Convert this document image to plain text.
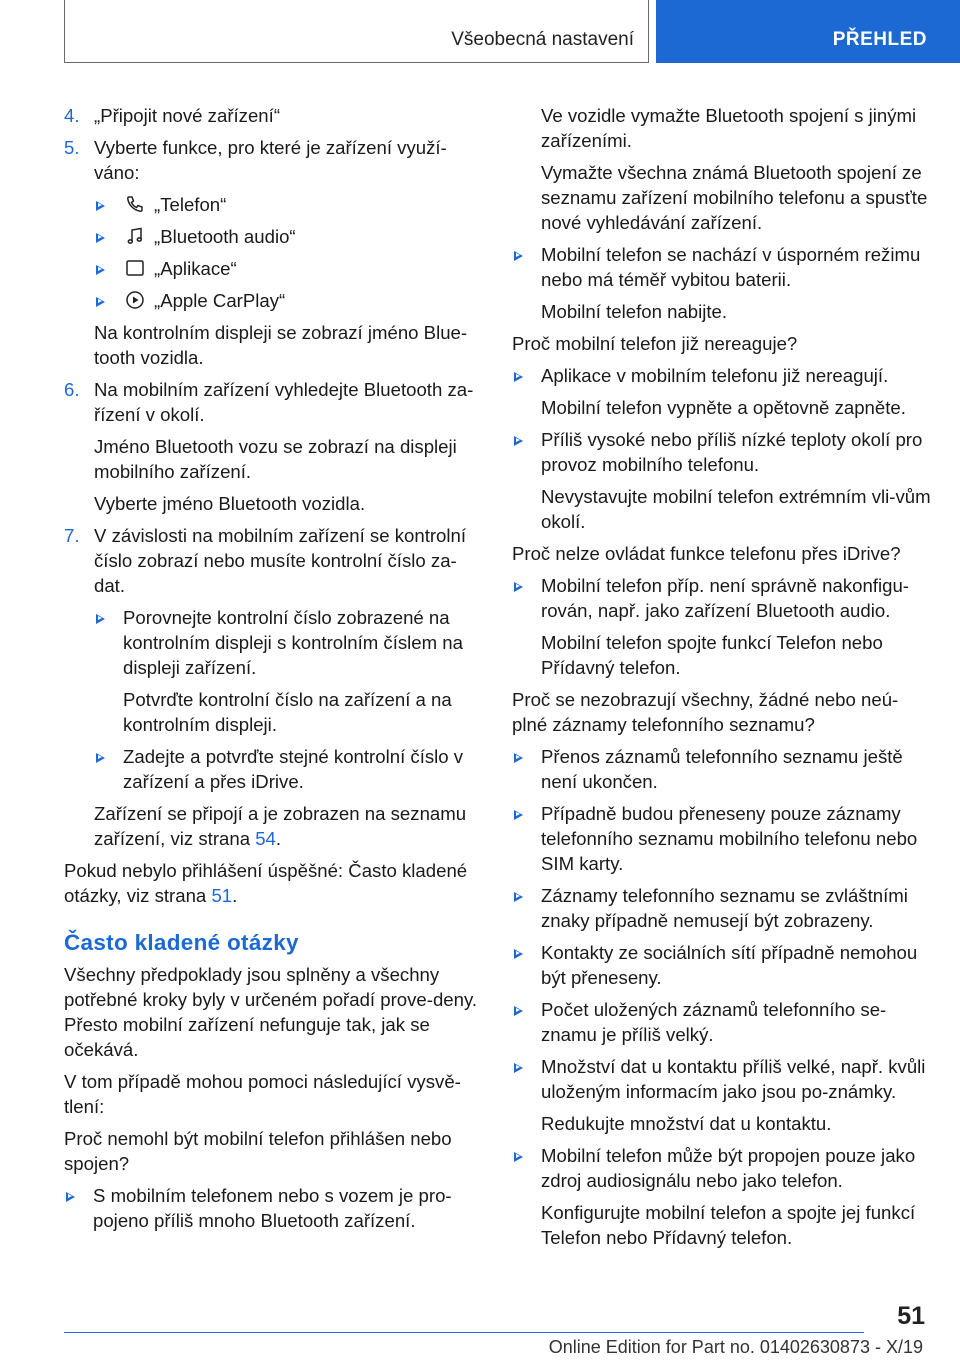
Všeobecná nastavení	PŘEHLED
4. „Připojit nové zařízení“
5. Vyberte funkce, pro které je zařízení využí-váno:
„Telefon“
„Bluetooth audio“
„Aplikace“
„Apple CarPlay“
Na kontrolním displeji se zobrazí jméno Blue-tooth vozidla.
6. Na mobilním zařízení vyhledejte Bluetooth za-řízení v okolí.
Jméno Bluetooth vozu se zobrazí na displeji mobilního zařízení.
Vyberte jméno Bluetooth vozidla.
7. V závislosti na mobilním zařízení se kontrolní číslo zobrazí nebo musíte kontrolní číslo za-dat.
Porovnejte kontrolní číslo zobrazené na kontrolním displeji s kontrolním číslem na displeji zařízení.
Potvrďte kontrolní číslo na zařízení a na kontrolním displeji.
Zadejte a potvrďte stejné kontrolní číslo v zařízení a přes iDrive.
Zařízení se připojí a je zobrazen na seznamu zařízení, viz strana 54.
Pokud nebylo přihlášení úspěšné: Často kladené otázky, viz strana 51.
Často kladené otázky
Všechny předpoklady jsou splněny a všechny potřebné kroky byly v určeném pořadí prove-deny. Přesto mobilní zařízení nefunguje tak, jak se očekává.
V tom případě mohou pomoci následující vysvě-tlení:
Proč nemohl být mobilní telefon přihlášen nebo spojen?
S mobilním telefonem nebo s vozem je pro-pojeno příliš mnoho Bluetooth zařízení.
Ve vozidle vymažte Bluetooth spojení s jinými zařízeními.
Vymažte všechna známá Bluetooth spojení ze seznamu zařízení mobilního telefonu a spusťte nové vyhledávání zařízení.
Mobilní telefon se nachází v úsporném režimu nebo má téměř vybitou baterii.
Mobilní telefon nabijte.
Proč mobilní telefon již nereaguje?
Aplikace v mobilním telefonu již nereagují.
Mobilní telefon vypněte a opětovně zapněte.
Příliš vysoké nebo příliš nízké teploty okolí pro provoz mobilního telefonu.
Nevystavujte mobilní telefon extrémním vli-vům okolí.
Proč nelze ovládat funkce telefonu přes iDrive?
Mobilní telefon příp. není správně nakonfigu-rován, např. jako zařízení Bluetooth audio.
Mobilní telefon spojte funkcí Telefon nebo Přídavný telefon.
Proč se nezobrazují všechny, žádné nebo neú-plné záznamy telefonního seznamu?
Přenos záznamů telefonního seznamu ještě není ukončen.
Případně budou přeneseny pouze záznamy telefonního seznamu mobilního telefonu nebo SIM karty.
Záznamy telefonního seznamu se zvláštními znaky případně nemusejí být zobrazeny.
Kontakty ze sociálních sítí případně nemohou být přeneseny.
Počet uložených záznamů telefonního se-znamu je příliš velký.
Množství dat u kontaktu příliš velké, např. kvůli uloženým informacím jako jsou po-známky.
Redukujte množství dat u kontaktu.
Mobilní telefon může být propojen pouze jako zdroj audiosignálu nebo jako telefon.
Konfigurujte mobilní telefon a spojte jej funkcí Telefon nebo Přídavný telefon.
51
Online Edition for Part no. 01402630873 - X/19
